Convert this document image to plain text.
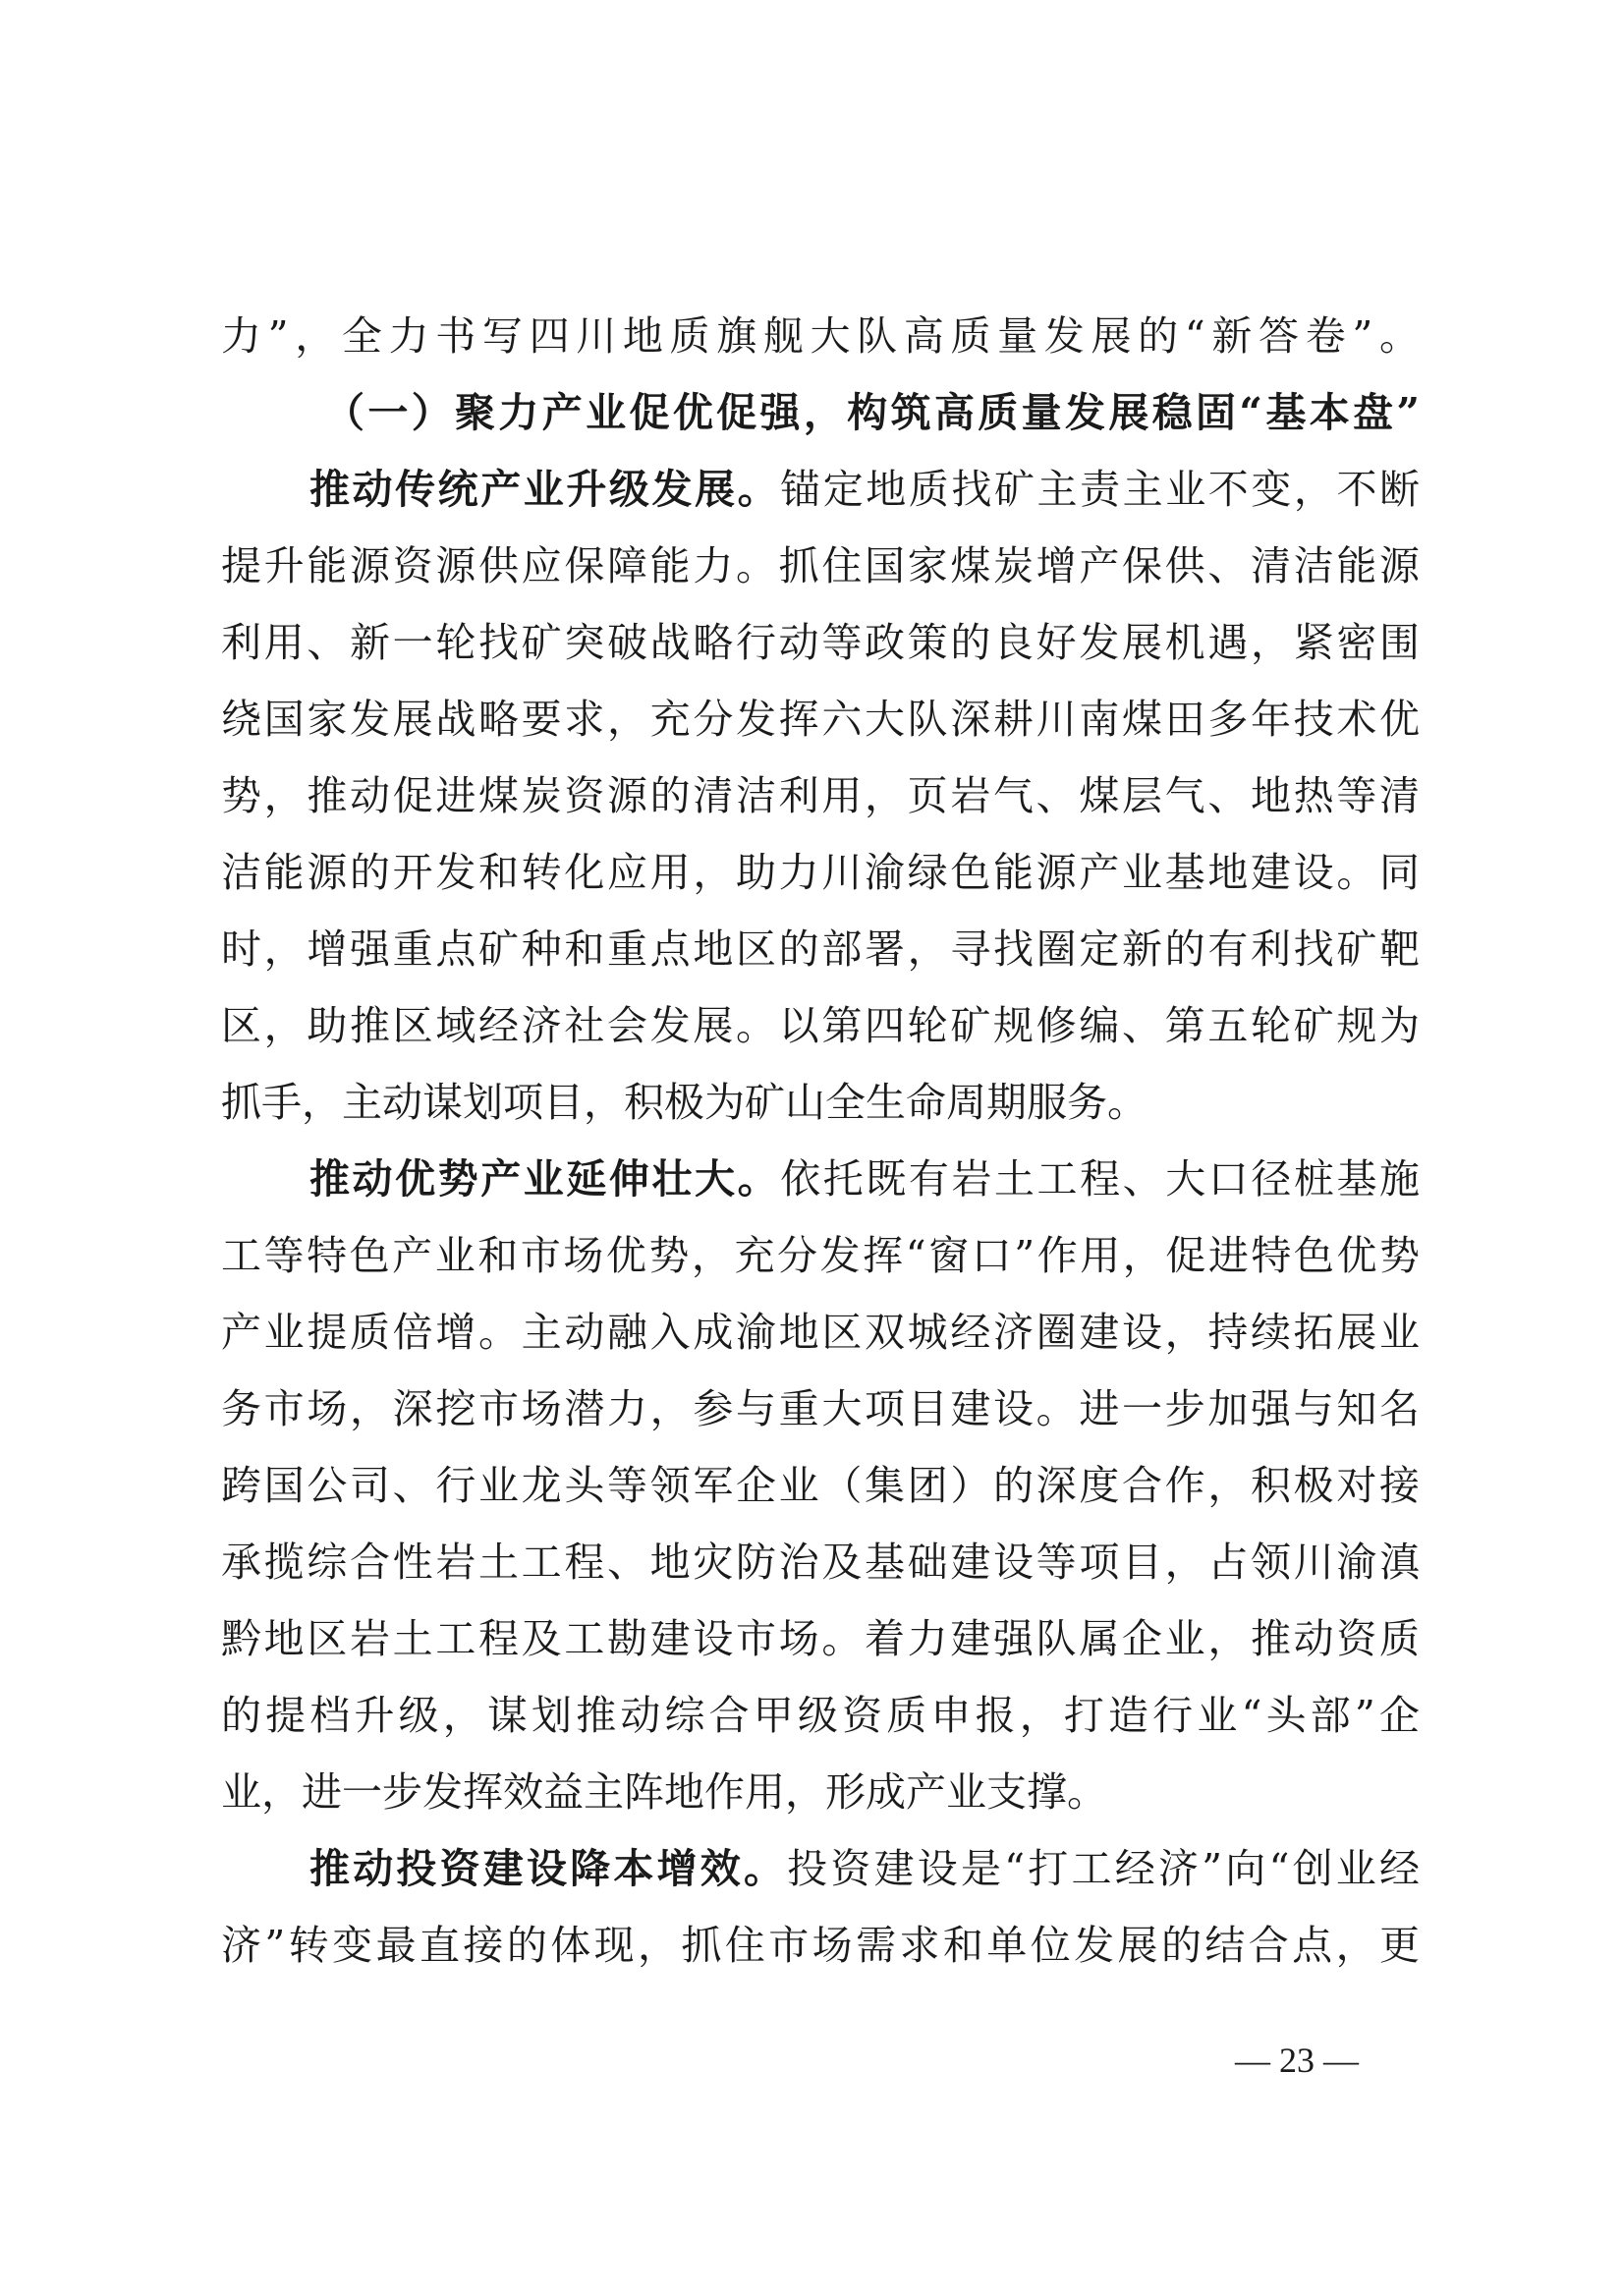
力”，全力书写四川地质旗舰大队高质量发展的“新答卷”。
（一）聚力产业促优促强，构筑高质量发展稳固“基本盘”
推动传统产业升级发展。锚定地质找矿主责主业不变，不断
提升能源资源供应保障能力。抓住国家煤炭增产保供、清洁能源
利用、新一轮找矿突破战略行动等政策的良好发展机遇，紧密围
绕国家发展战略要求，充分发挥六大队深耕川南煤田多年技术优
势，推动促进煤炭资源的清洁利用，页岩气、煤层气、地热等清
洁能源的开发和转化应用，助力川渝绿色能源产业基地建设。同
时，增强重点矿种和重点地区的部署，寻找圈定新的有利找矿靶
区，助推区域经济社会发展。以第四轮矿规修编、第五轮矿规为
抓手，主动谋划项目，积极为矿山全生命周期服务。
推动优势产业延伸壮大。依托既有岩土工程、大口径桩基施
工等特色产业和市场优势，充分发挥“窗口”作用，促进特色优势
产业提质倍增。主动融入成渝地区双城经济圈建设，持续拓展业
务市场，深挖市场潜力，参与重大项目建设。进一步加强与知名
跨国公司、行业龙头等领军企业（集团）的深度合作，积极对接
承揽综合性岩土工程、地灾防治及基础建设等项目，占领川渝滇
黔地区岩土工程及工勘建设市场。着力建强队属企业，推动资质
的提档升级，谋划推动综合甲级资质申报，打造行业“头部”企
业，进一步发挥效益主阵地作用，形成产业支撑。
推动投资建设降本增效。投资建设是“打工经济”向“创业经
济”转变最直接的体现，抓住市场需求和单位发展的结合点，更
— 23 —
